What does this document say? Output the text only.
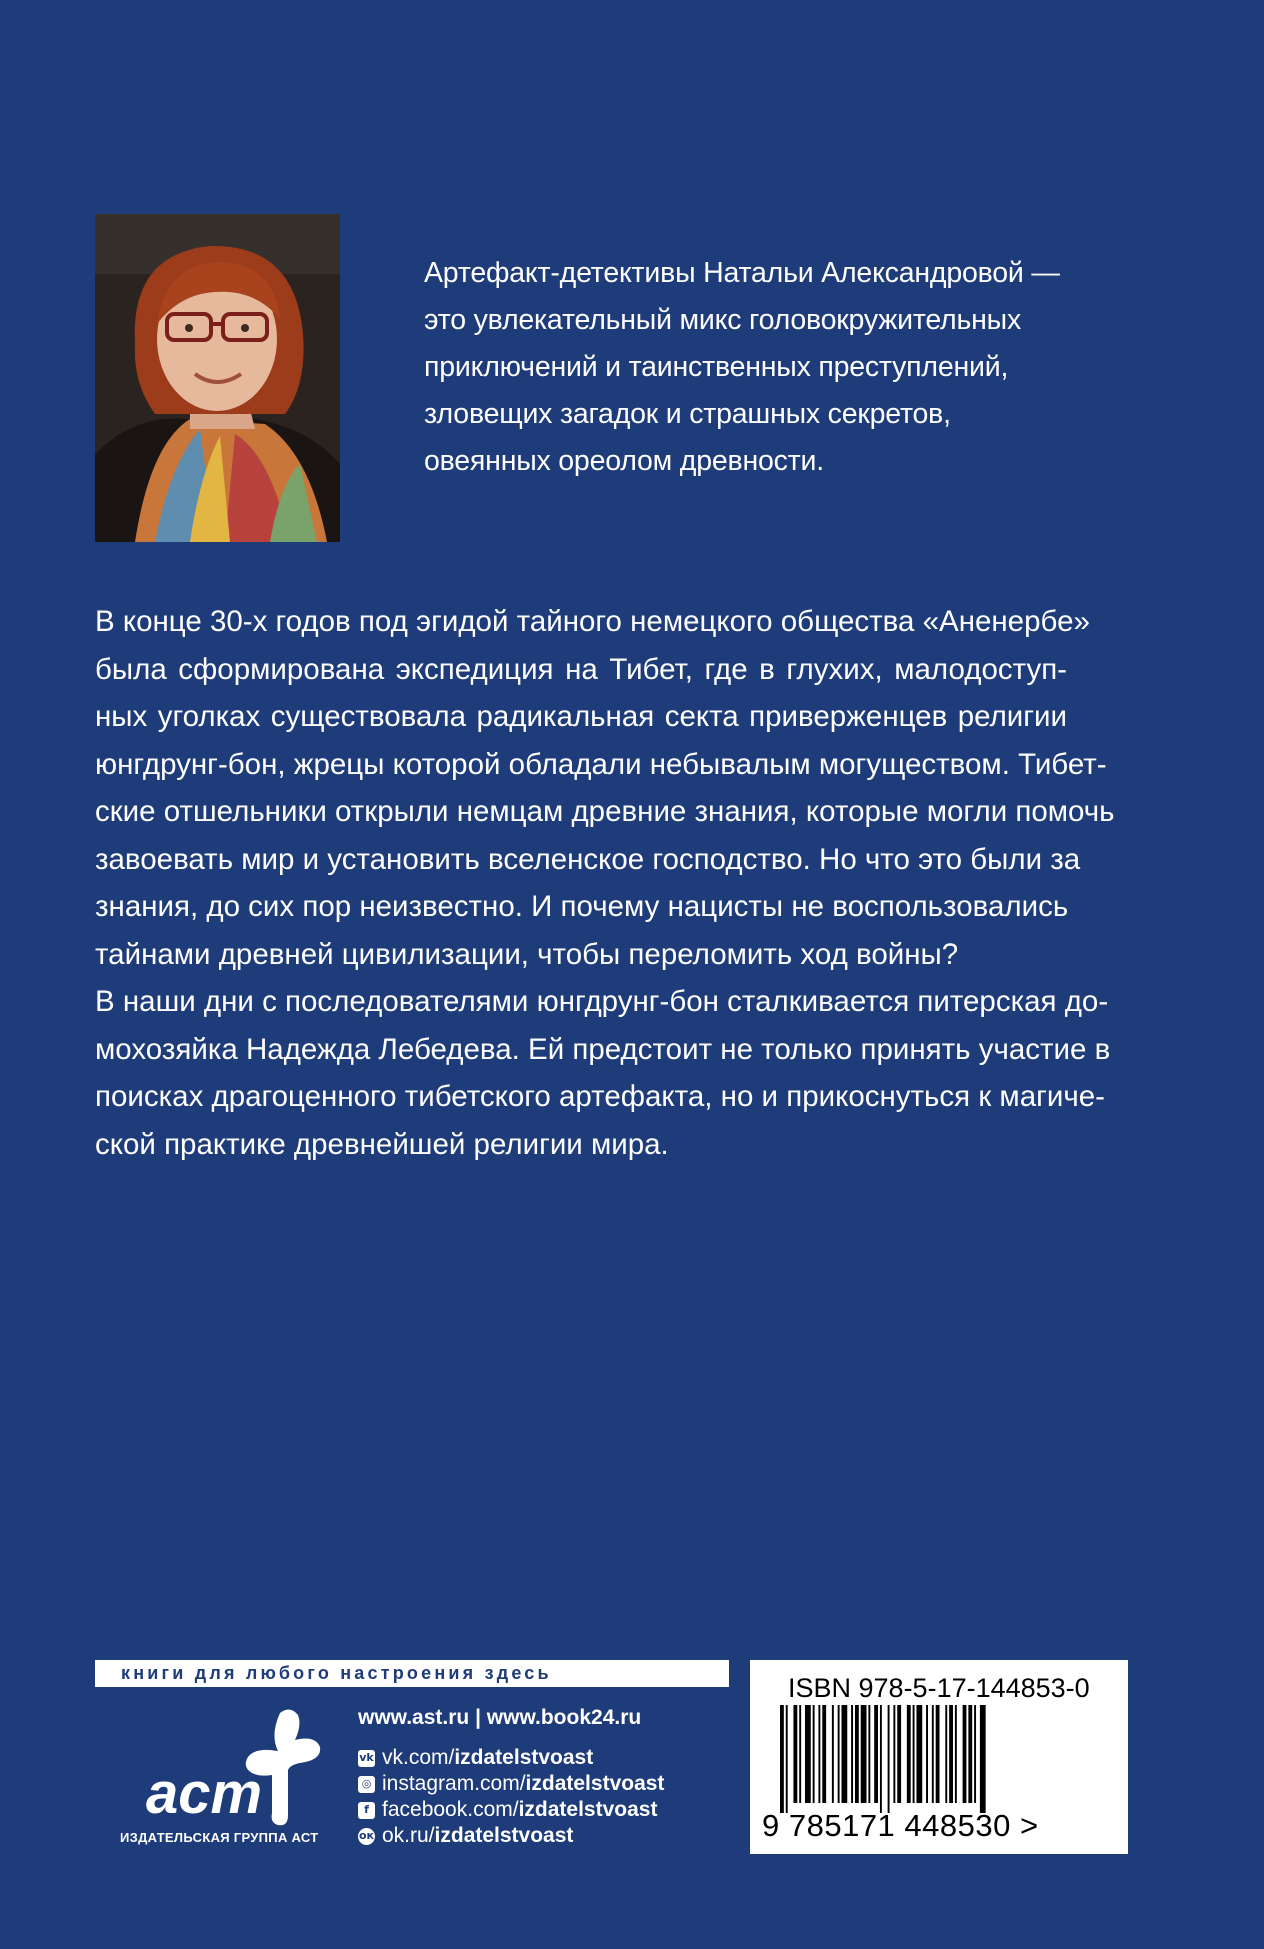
Артефакт-детективы Натальи Александровой —
это увлекательный микс головокружительных
приключений и таинственных преступлений,
зловещих загадок и страшных секретов,
овеянных ореолом древности.
В конце 30-х годов под эгидой тайного немецкого общества «Аненербе»
была сформирована экспедиция на Тибет, где в глухих, малодоступ-
ных уголках существовала радикальная секта приверженцев религии
юнгдрунг-бон, жрецы которой обладали небывалым могуществом. Тибет-
ские отшельники открыли немцам древние знания, которые могли помочь
завоевать мир и установить вселенское господство. Но что это были за
знания, до сих пор неизвестно. И почему нацисты не воспользовались
тайнами древней цивилизации, чтобы переломить ход войны?
В наши дни с последователями юнгдрунг-бон сталкивается питерская до-
мохозяйка Надежда Лебедева. Ей предстоит не только принять участие в
поисках драгоценного тибетского артефакта, но и прикоснуться к магиче-
ской практике древнейшей религии мира.
книги для любого настроения здесь
аст
ИЗДАТЕЛЬСКАЯ ГРУППА АСТ
www.ast.ru | www.book24.ru
vk vk.com/ izdatelstvoast
◎ instagram.com/ izdatelstvoast
f facebook.com/ izdatelstvoast
ок ok.ru/ izdatelstvoast
ISBN 978-5-17-144853-0
9 785171 448530 >
